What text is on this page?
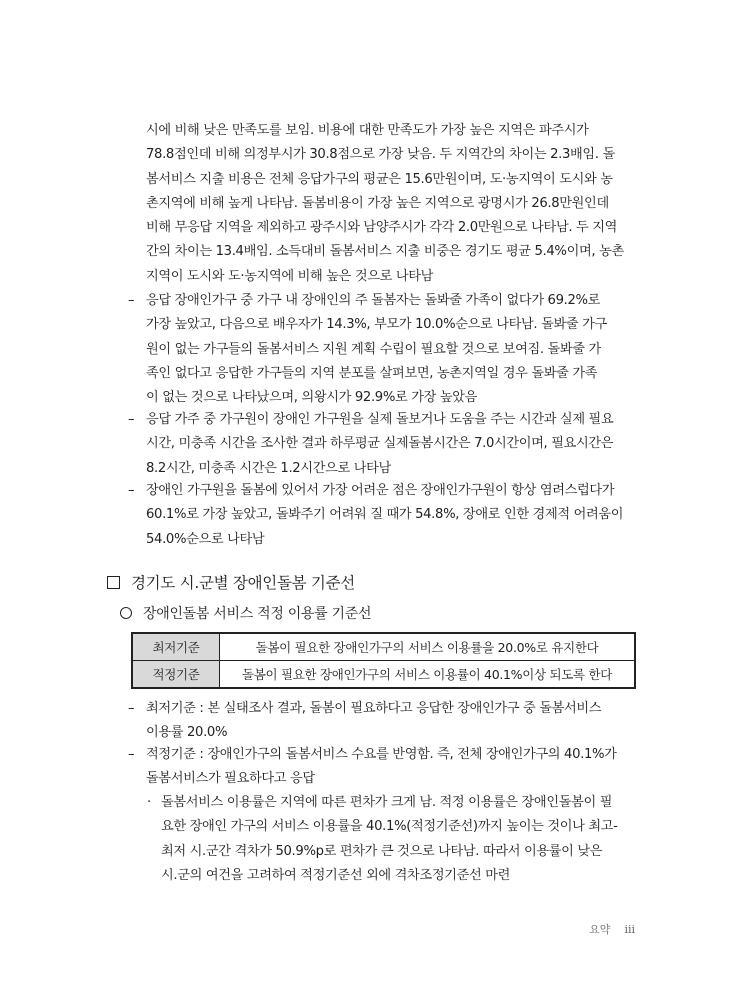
시에 비해 낮은 만족도를 보임. 비용에 대한 만족도가 가장 높은 지역은 파주시가
78.8점인데 비해 의정부시가 30.8점으로 가장 낮음. 두 지역간의 차이는 2.3배임. 돌
봄서비스 지출 비용은 전체 응답가구의 평균은 15.6만원이며, 도·농지역이 도시와 농
촌지역에 비해 높게 나타남. 돌봄비용이 가장 높은 지역으로 광명시가 26.8만원인데
비해 무응답 지역을 제외하고 광주시와 남양주시가 각각 2.0만원으로 나타남. 두 지역
간의 차이는 13.4배임. 소득대비 돌봄서비스 지출 비중은 경기도 평균 5.4%이며, 농촌
지역이 도시와 도·농지역에 비해 높은 것으로 나타남
– 응답 장애인가구 중 가구 내 장애인의 주 돌봄자는 돌봐줄 가족이 없다가 69.2%로
가장 높았고, 다음으로 배우자가 14.3%, 부모가 10.0%순으로 나타남. 돌봐줄 가구
원이 없는 가구들의 돌봄서비스 지원 계획 수립이 필요할 것으로 보여짐. 돌봐줄 가
족인 없다고 응답한 가구들의 지역 분포를 살펴보면, 농촌지역일 경우 돌봐줄 가족
이 없는 것으로 나타났으며, 의왕시가 92.9%로 가장 높았음
– 응답 가주 중 가구원이 장애인 가구원을 실제 돌보거나 도움을 주는 시간과 실제 필요
시간, 미충족 시간을 조사한 결과 하루평균 실제돌봄시간은 7.0시간이며, 필요시간은
8.2시간, 미충족 시간은 1.2시간으로 나타남
– 장애인 가구원을 돌봄에 있어서 가장 어려운 점은 장애인가구원이 항상 염려스럽다가
60.1%로 가장 높았고, 돌봐주기 어려워 질 때가 54.8%, 장애로 인한 경제적 어려움이
54.0%순으로 나타남
경기도 시.군별 장애인돌봄 기준선
장애인돌봄 서비스 적정 이용률 기준선
최저기준	돌봄이 필요한 장애인가구의 서비스 이용률을 20.0%로 유지한다
적정기준	돌봄이 필요한 장애인가구의 서비스 이용률이 40.1%이상 되도록 한다
– 최저기준 : 본 실태조사 결과, 돌봄이 필요하다고 응답한 장애인가구 중 돌봄서비스
이용률 20.0%
– 적정기준 : 장애인가구의 돌봄서비스 수요를 반영함. 즉, 전체 장애인가구의 40.1%가
돌봄서비스가 필요하다고 응답
· 돌봄서비스 이용률은 지역에 따른 편차가 크게 남. 적정 이용률은 장애인돌봄이 필
요한 장애인 가구의 서비스 이용률을 40.1%(적정기준선)까지 높이는 것이나 최고-
최저 시.군간 격차가 50.9%p로 편차가 큰 것으로 나타남. 따라서 이용률이 낮은
시.군의 여건을 고려하여 적정기준선 외에 격차조정기준선 마련
요약 iii
